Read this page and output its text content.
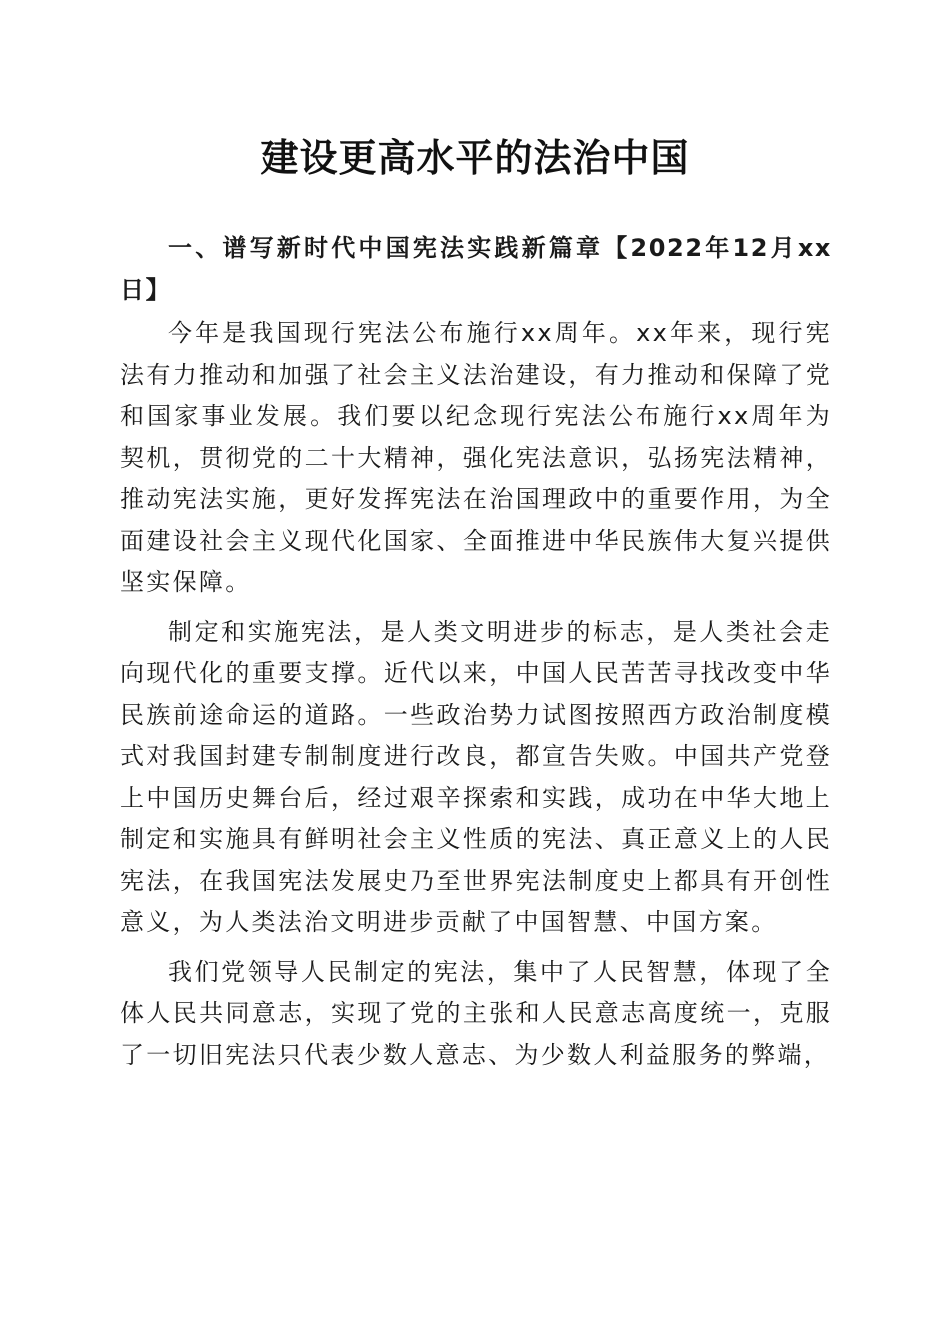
建设更高水平的法治中国

一、谱写新时代中国宪法实践新篇章【2022年12月xx日】

今年是我国现行宪法公布施行xx周年。xx年来，现行宪法有力推动和加强了社会主义法治建设，有力推动和保障了党和国家事业发展。我们要以纪念现行宪法公布施行xx周年为契机，贯彻党的二十大精神，强化宪法意识，弘扬宪法精神，推动宪法实施，更好发挥宪法在治国理政中的重要作用，为全面建设社会主义现代化国家、全面推进中华民族伟大复兴提供坚实保障。

制定和实施宪法，是人类文明进步的标志，是人类社会走向现代化的重要支撑。近代以来，中国人民苦苦寻找改变中华民族前途命运的道路。一些政治势力试图按照西方政治制度模式对我国封建专制制度进行改良，都宣告失败。中国共产党登上中国历史舞台后，经过艰辛探索和实践，成功在中华大地上制定和实施具有鲜明社会主义性质的宪法、真正意义上的人民宪法，在我国宪法发展史乃至世界宪法制度史上都具有开创性意义，为人类法治文明进步贡献了中国智慧、中国方案。

我们党领导人民制定的宪法，集中了人民智慧，体现了全体人民共同意志，实现了党的主张和人民意志高度统一，克服了一切旧宪法只代表少数人意志、为少数人利益服务的弊端，
